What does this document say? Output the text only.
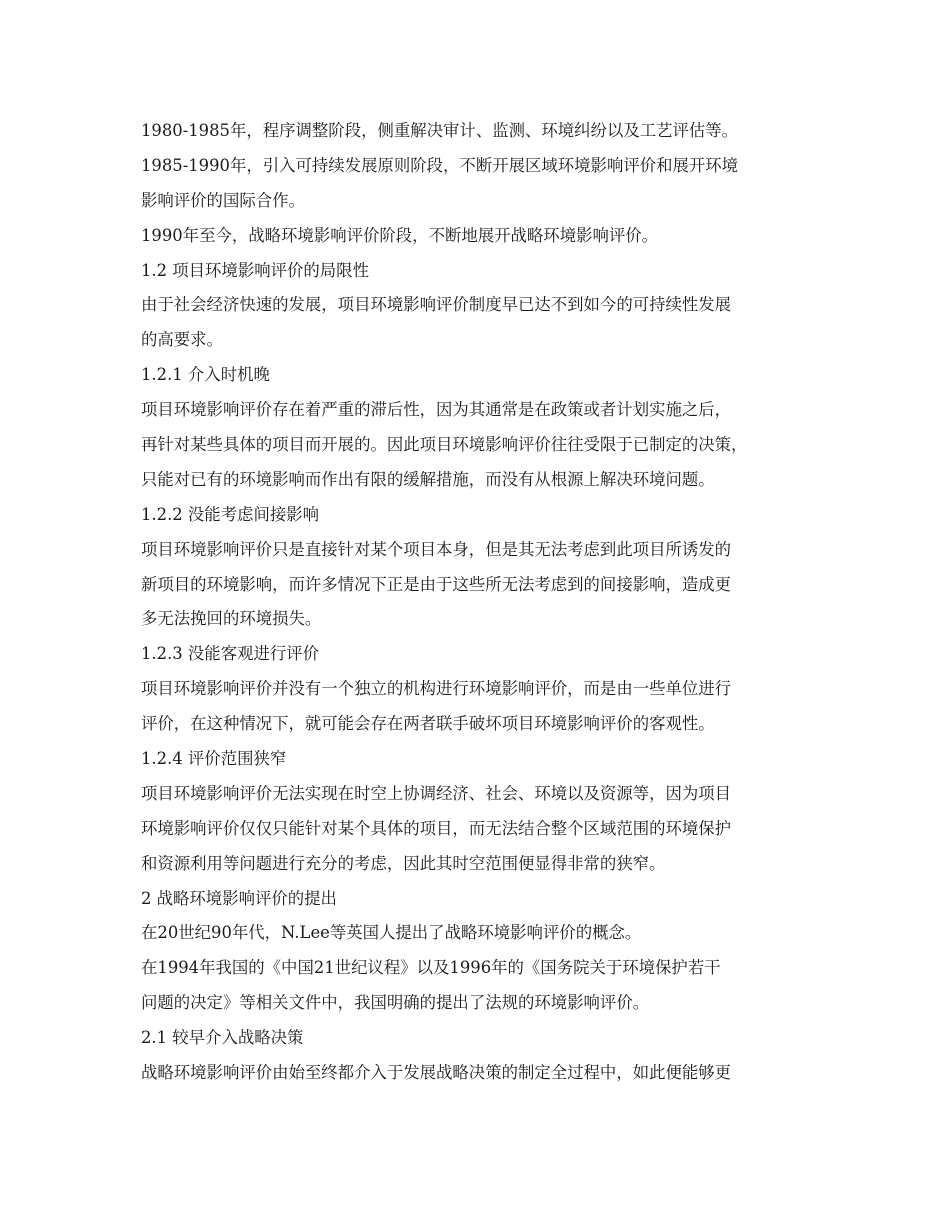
1980-1985年，程序调整阶段，侧重解决审计、监测、环境纠纷以及工艺评估等。
1985-1990年，引入可持续发展原则阶段，不断开展区域环境影响评价和展开环境
影响评价的国际合作。
1990年至今，战略环境影响评价阶段，不断地展开战略环境影响评价。
1.2 项目环境影响评价的局限性
由于社会经济快速的发展，项目环境影响评价制度早已达不到如今的可持续性发展
的高要求。
1.2.1 介入时机晚
项目环境影响评价存在着严重的滞后性，因为其通常是在政策或者计划实施之后，
再针对某些具体的项目而开展的。因此项目环境影响评价往往受限于已制定的决策，
只能对已有的环境影响而作出有限的缓解措施，而没有从根源上解决环境问题。
1.2.2 没能考虑间接影响
项目环境影响评价只是直接针对某个项目本身，但是其无法考虑到此项目所诱发的
新项目的环境影响，而许多情况下正是由于这些所无法考虑到的间接影响，造成更
多无法挽回的环境损失。
1.2.3 没能客观进行评价
项目环境影响评价并没有一个独立的机构进行环境影响评价，而是由一些单位进行
评价，在这种情况下，就可能会存在两者联手破坏项目环境影响评价的客观性。
1.2.4 评价范围狭窄
项目环境影响评价无法实现在时空上协调经济、社会、环境以及资源等，因为项目
环境影响评价仅仅只能针对某个具体的项目，而无法结合整个区域范围的环境保护
和资源利用等问题进行充分的考虑，因此其时空范围便显得非常的狭窄。
2 战略环境影响评价的提出
在20世纪90年代，N.Lee等英国人提出了战略环境影响评价的概念。
在1994年我国的《中国21世纪议程》以及1996年的《国务院关于环境保护若干
问题的决定》等相关文件中，我国明确的提出了法规的环境影响评价。
2.1 较早介入战略决策
战略环境影响评价由始至终都介入于发展战略决策的制定全过程中，如此便能够更
